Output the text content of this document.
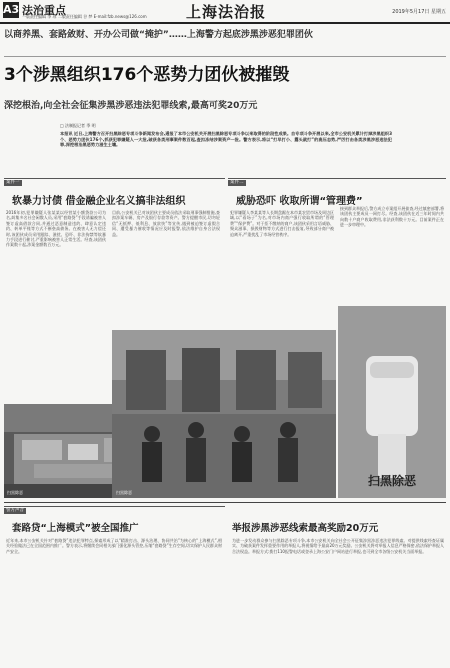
A3 法治重点
一版责任编辑 李 琼 二版责任编辑 谷 梦 E-mail:fzb.news@126.com	上海法治报	2019年5月17日 星期五
以商养黑、套路敛财、开办公司做“掩护”……上海警方起底涉黑涉恶犯罪团伙
3个涉黑组织176个恶势力团伙被摧毁
深挖根治,向全社会征集涉黑涉恶违法犯罪线索,最高可奖20万元
□ 法制报记者 季 明
本报讯 近日,上海警方召开扫黑除恶专项斗争新闻发布会,通报了本市公安机关开展扫黑除恶专项斗争以来取得的阶段性成果。自专项斗争开展以来,全市公安机关累计打掉涉黑组织3个、恶势力团伙176个,抓获犯罪嫌疑人一大批,破获各类刑事案件数百起,查扣冻结涉案资产一批。警方表示,将以“打早打小、露头就打”的高压态势,严厉打击各类涉黑涉恶违法犯罪,深挖根治黑恶势力滋生土壤。
案件一
软暴力讨债 借金融企业名义搞非法组织
2016年初,犯罪嫌疑人张某某以经营某小额贷款公司为名,纠集多名社会闲散人员,采用“套路贷”手段诱骗被害人签订虚高借款合同,并通过恶意制造违约、肆意认定违约、转单平账等方式不断垒高债务。在被害人无力偿还时,该团伙成员采用跟踪、滋扰、恐吓、非法拘禁等软暴力手段进行催讨,严重影响被害人正常生活。经查,该团伙作案数十起,涉案金额数百万元。
目前,公安机关已对该团伙主要成员依法采取刑事强制措施,查扣涉案车辆、房产及银行存款等资产。警方提醒市民,切勿轻信“无抵押、低利息、放款快”等宣传,遇到被迫签订虚假合同、遭受暴力催收等情况应及时报警,依法维护自身合法权益。
扫黑除恶
案件二
威胁恐吓 收取所谓“管理费”
犯罪嫌疑人李某某等人长期盘踞在本市某农贸市场及周边区域,以“看场子”为名,对市场内商户强行收取所谓的“管理费”“保护费”。对于拒不缴纳的商户,该团伙采用言语威胁、聚众滋事、损毁财物等方式进行打击报复,导致部分商户被迫离开,严重扰乱了市场经营秩序。
接到群众举报后,警方成立专案组开展侦查,经过缜密部署,将该团伙主要成员一网打尽。经查,该团伙在近三年时间内共向数十户商户收取费用,非法获利数十万元。目前案件正在进一步审理中。
扫黑除恶
扫黑除恶
警方声音
套路贷“上海模式”被全国推广
近年来,本市公安机关针对“套路贷”违法犯罪特点,探索形成了以“精准打击、源头治理、协同共治”为核心的“上海模式”,相关经验做法已在全国范围内推广。警方表示,将继续会同相关部门强化源头管控,压缩“套路贷”生存空间,切实保护人民群众财产安全。
举报涉黑涉恶线索最高奖励20万元
为进一步发动群众参与扫黑除恶专项斗争,本市公安机关向全社会公开征集涉黑涉恶违法犯罪线索。对提供线索经查证属实、为破获案件发挥重要作用的举报人,将视情给予最高20万元奖励。公安机关将对举报人信息严格保密,依法保护举报人合法权益。举报方式:拨打110报警电话或登录上海公安门户网站进行举报,也可到全市各级公安机关当面举报。
